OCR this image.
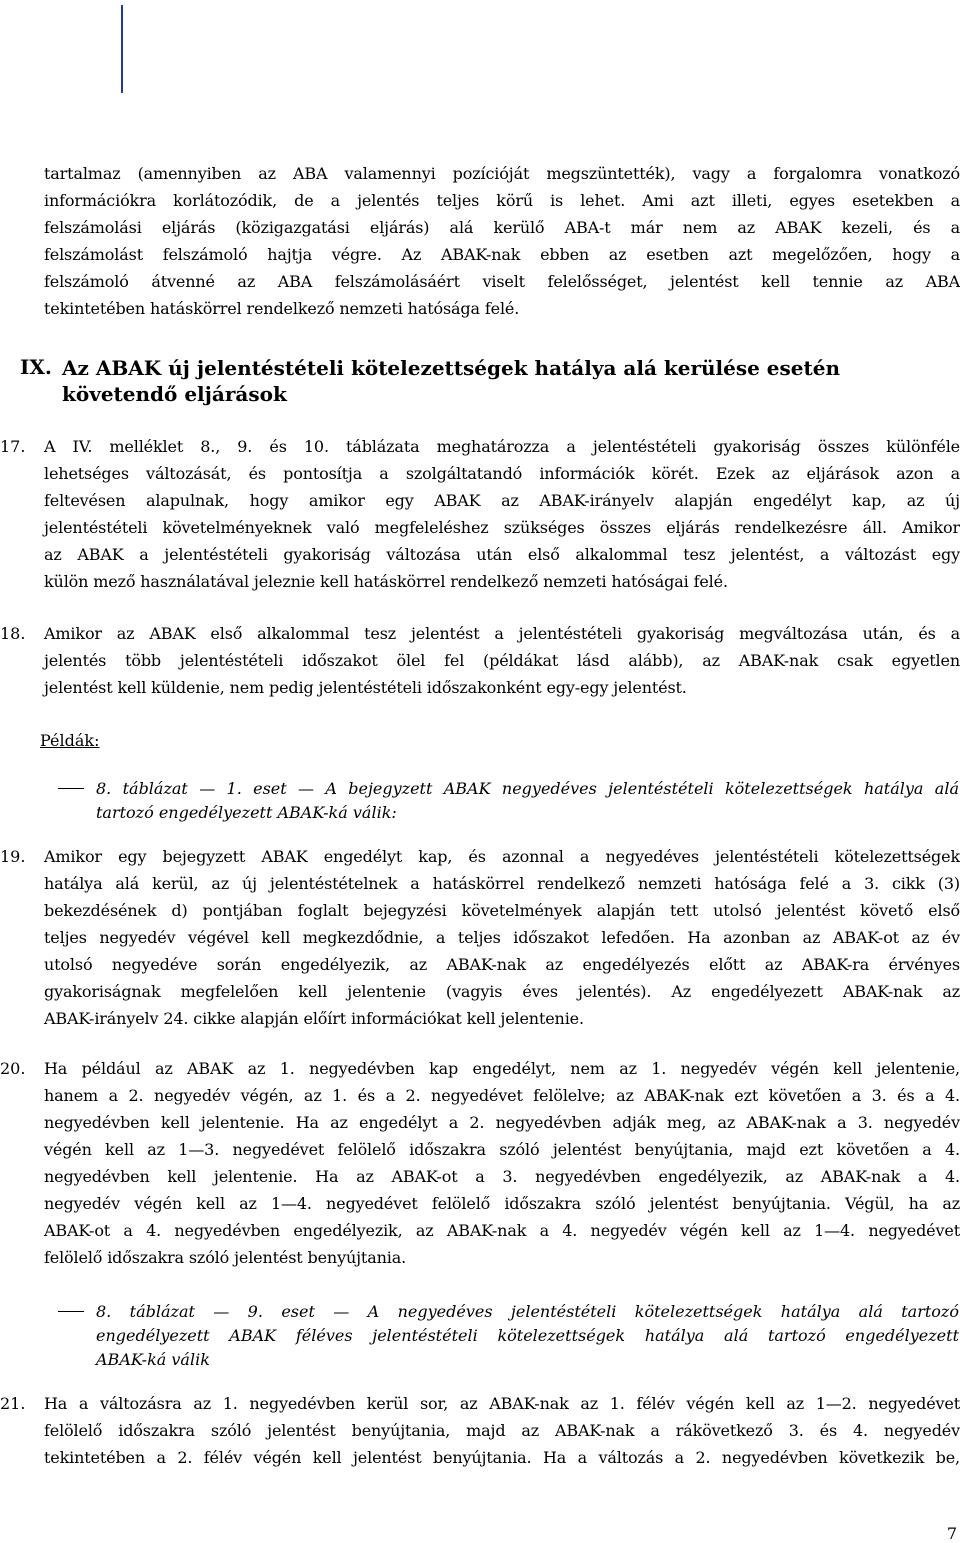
tartalmaz (amennyiben az ABA valamennyi pozícióját megszüntették), vagy a forgalomra vonatkozó
információkra korlátozódik, de a jelentés teljes körű is lehet. Ami azt illeti, egyes esetekben a
felszámolási eljárás (közigazgatási eljárás) alá kerülő ABA-t már nem az ABAK kezeli, és a
felszámolást felszámoló hajtja végre. Az ABAK-nak ebben az esetben azt megelőzően, hogy a
felszámoló átvenné az ABA felszámolásáért viselt felelősséget, jelentést kell tennie az ABA
tekintetében hatáskörrel rendelkező nemzeti hatósága felé.
IX. Az ABAK új jelentéstételi kötelezettségek hatálya alá kerülése esetén
követendő eljárások
17. A IV. melléklet 8., 9. és 10. táblázata meghatározza a jelentéstételi gyakoriság összes különféle
lehetséges változását, és pontosítja a szolgáltatandó információk körét. Ezek az eljárások azon a
feltevésen alapulnak, hogy amikor egy ABAK az ABAK-irányelv alapján engedélyt kap, az új
jelentéstételi követelményeknek való megfeleléshez szükséges összes eljárás rendelkezésre áll. Amikor
az ABAK a jelentéstételi gyakoriság változása után első alkalommal tesz jelentést, a változást egy
külön mező használatával jeleznie kell hatáskörrel rendelkező nemzeti hatóságai felé.
18. Amikor az ABAK első alkalommal tesz jelentést a jelentéstételi gyakoriság megváltozása után, és a
jelentés több jelentéstételi időszakot ölel fel (példákat lásd alább), az ABAK-nak csak egyetlen
jelentést kell küldenie, nem pedig jelentéstételi időszakonként egy-egy jelentést.
Példák:
8. táblázat — 1. eset — A bejegyzett ABAK negyedéves jelentéstételi kötelezettségek hatálya alá
tartozó engedélyezett ABAK-ká válik:
19. Amikor egy bejegyzett ABAK engedélyt kap, és azonnal a negyedéves jelentéstételi kötelezettségek
hatálya alá kerül, az új jelentéstételnek a hatáskörrel rendelkező nemzeti hatósága felé a 3. cikk (3)
bekezdésének d) pontjában foglalt bejegyzési követelmények alapján tett utolsó jelentést követő első
teljes negyedév végével kell megkezdődnie, a teljes időszakot lefedően. Ha azonban az ABAK-ot az év
utolsó negyedéve során engedélyezik, az ABAK-nak az engedélyezés előtt az ABAK-ra érvényes
gyakoriságnak megfelelően kell jelentenie (vagyis éves jelentés). Az engedélyezett ABAK-nak az
ABAK-irányelv 24. cikke alapján előírt információkat kell jelentenie.
20. Ha például az ABAK az 1. negyedévben kap engedélyt, nem az 1. negyedév végén kell jelentenie,
hanem a 2. negyedév végén, az 1. és a 2. negyedévet felölelve; az ABAK-nak ezt követően a 3. és a 4.
negyedévben kell jelentenie. Ha az engedélyt a 2. negyedévben adják meg, az ABAK-nak a 3. negyedév
végén kell az 1—3. negyedévet felölelő időszakra szóló jelentést benyújtania, majd ezt követően a 4.
negyedévben kell jelentenie. Ha az ABAK-ot a 3. negyedévben engedélyezik, az ABAK-nak a 4.
negyedév végén kell az 1—4. negyedévet felölelő időszakra szóló jelentést benyújtania. Végül, ha az
ABAK-ot a 4. negyedévben engedélyezik, az ABAK-nak a 4. negyedév végén kell az 1—4. negyedévet
felölelő időszakra szóló jelentést benyújtania.
8. táblázat — 9. eset — A negyedéves jelentéstételi kötelezettségek hatálya alá tartozó
engedélyezett ABAK féléves jelentéstételi kötelezettségek hatálya alá tartozó engedélyezett
ABAK-ká válik
21. Ha a változásra az 1. negyedévben kerül sor, az ABAK-nak az 1. félév végén kell az 1—2. negyedévet
felölelő időszakra szóló jelentést benyújtania, majd az ABAK-nak a rákövetkező 3. és 4. negyedév
tekintetében a 2. félév végén kell jelentést benyújtania. Ha a változás a 2. negyedévben következik be,
7
